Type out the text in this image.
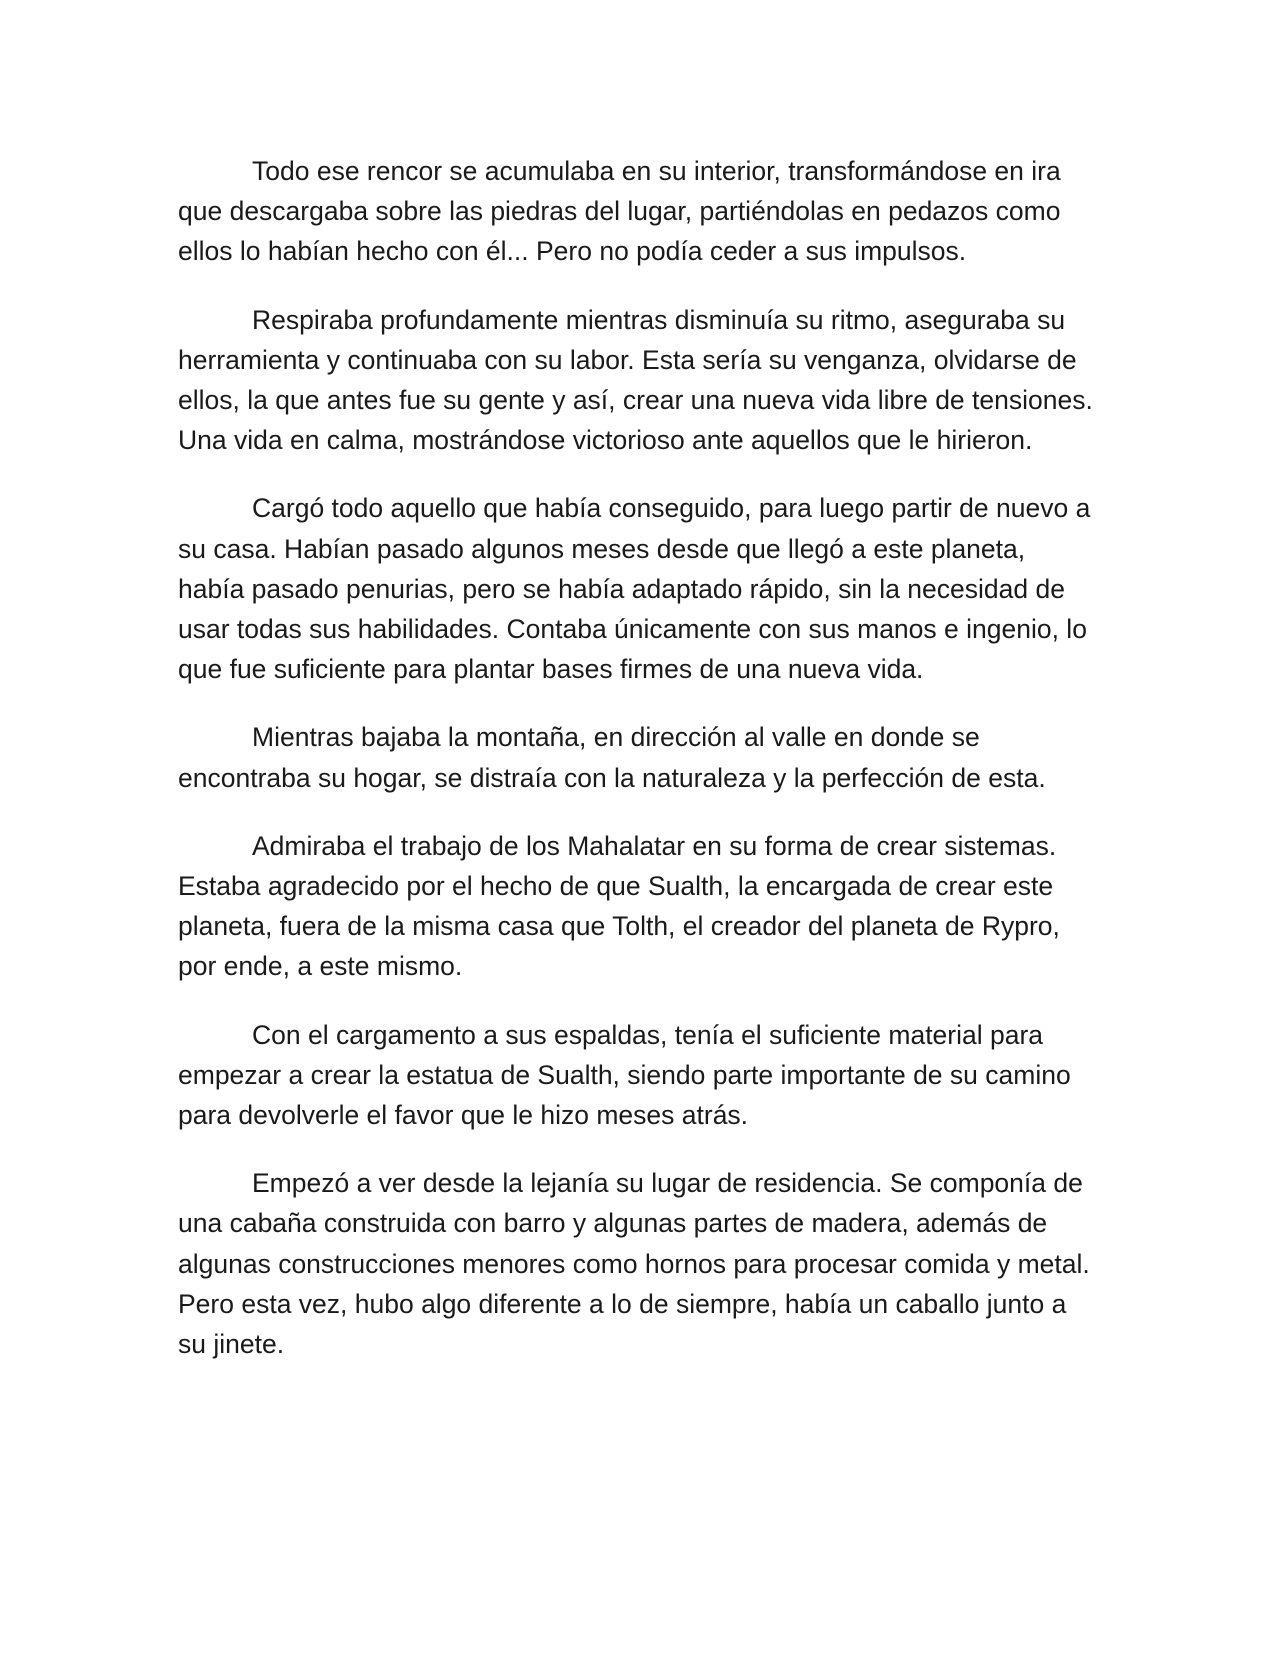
Todo ese rencor se acumulaba en su interior, transformándose en ira que descargaba sobre las piedras del lugar, partiéndolas en pedazos como ellos lo habían hecho con él... Pero no podía ceder a sus impulsos.

Respiraba profundamente mientras disminuía su ritmo, aseguraba su herramienta y continuaba con su labor. Esta sería su venganza, olvidarse de ellos, la que antes fue su gente y así, crear una nueva vida libre de tensiones. Una vida en calma, mostrándose victorioso ante aquellos que le hirieron.

Cargó todo aquello que había conseguido, para luego partir de nuevo a su casa. Habían pasado algunos meses desde que llegó a este planeta, había pasado penurias, pero se había adaptado rápido, sin la necesidad de usar todas sus habilidades. Contaba únicamente con sus manos e ingenio, lo que fue suficiente para plantar bases firmes de una nueva vida.

Mientras bajaba la montaña, en dirección al valle en donde se encontraba su hogar, se distraía con la naturaleza y la perfección de esta.

Admiraba el trabajo de los Mahalatar en su forma de crear sistemas. Estaba agradecido por el hecho de que Sualth, la encargada de crear este planeta, fuera de la misma casa que Tolth, el creador del planeta de Rypro, por ende, a este mismo.

Con el cargamento a sus espaldas, tenía el suficiente material para empezar a crear la estatua de Sualth, siendo parte importante de su camino para devolverle el favor que le hizo meses atrás.

Empezó a ver desde la lejanía su lugar de residencia. Se componía de una cabaña construida con barro y algunas partes de madera, además de algunas construcciones menores como hornos para procesar comida y metal. Pero esta vez, hubo algo diferente a lo de siempre, había un caballo junto a su jinete.
